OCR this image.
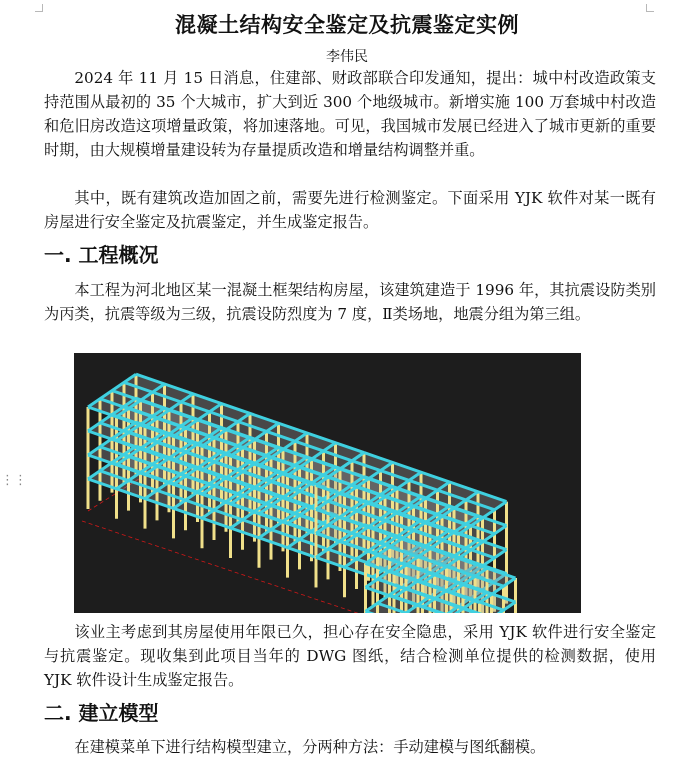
⋮⋮
混凝土结构安全鉴定及抗震鉴定实例
李伟民

2024 年 11 月 15 日消息，住建部、财政部联合印发通知，提出：城中村改造政策支持范围从最初的 35 个大城市，扩大到近 300 个地级城市。新增实施 100 万套城中村改造和危旧房改造这项增量政策，将加速落地。可见，我国城市发展已经进入了城市更新的重要时期，由大规模增量建设转为存量提质改造和增量结构调整并重。

其中，既有建筑改造加固之前，需要先进行检测鉴定。下面采用 YJK 软件对某一既有房屋进行安全鉴定及抗震鉴定，并生成鉴定报告。

一. 工程概况

本工程为河北地区某一混凝土框架结构房屋，该建筑建造于 1996 年，其抗震设防类别为丙类，抗震等级为三级，抗震设防烈度为 7 度，Ⅱ类场地，地震分组为第三组。

该业主考虑到其房屋使用年限已久，担心存在安全隐患，采用 YJK 软件进行安全鉴定与抗震鉴定。现收集到此项目当年的 DWG 图纸，结合检测单位提供的检测数据，使用 YJK 软件设计生成鉴定报告。

二. 建立模型

在建模菜单下进行结构模型建立，分两种方法：手动建模与图纸翻模。
